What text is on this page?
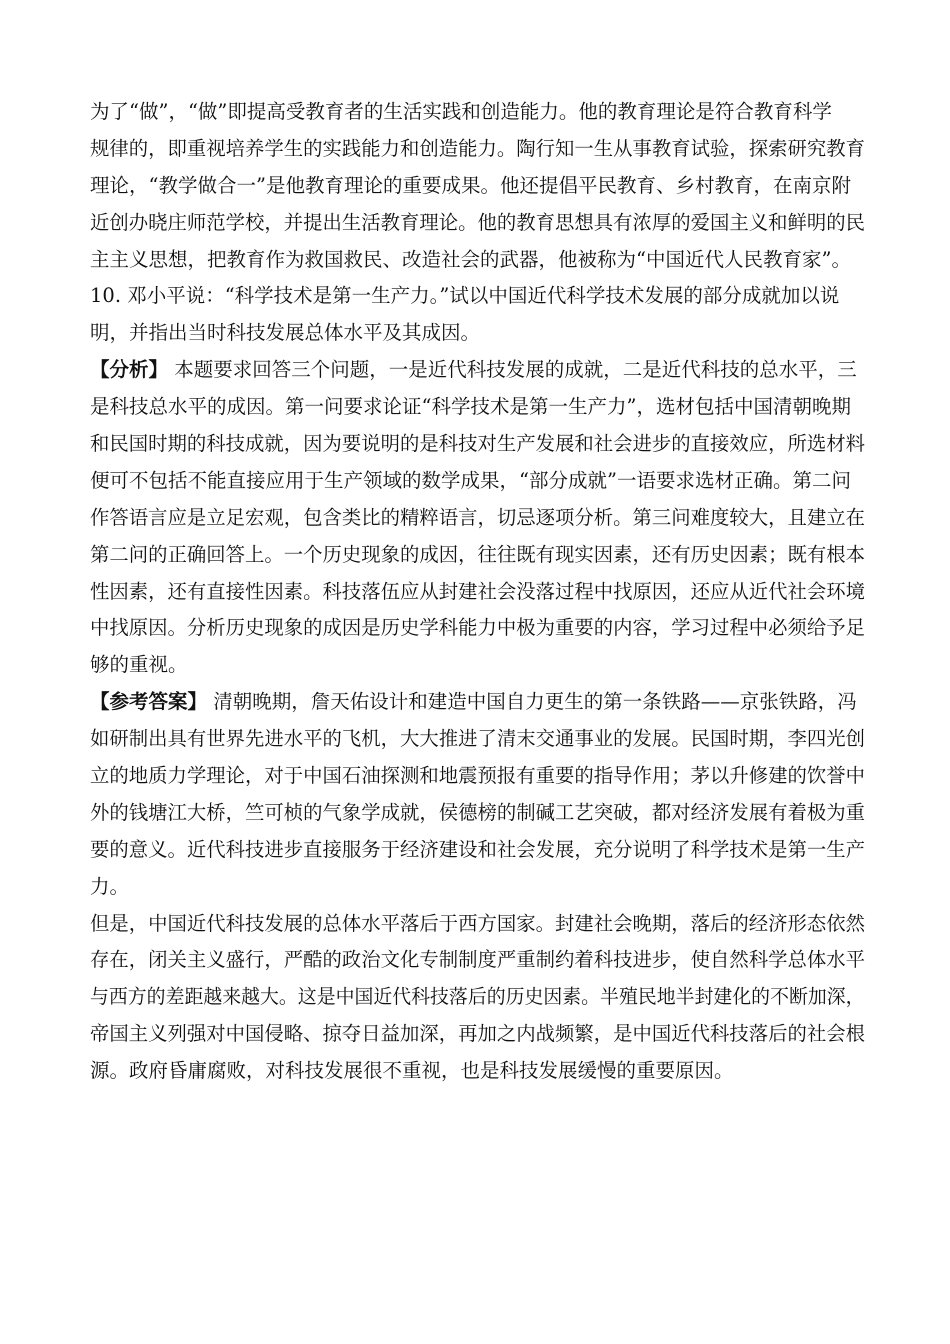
为了“做”，“做”即提高受教育者的生活实践和创造能力。他的教育理论是符合教育科学
规律的，即重视培养学生的实践能力和创造能力。陶行知一生从事教育试验，探索研究教育
理论，“教学做合一”是他教育理论的重要成果。他还提倡平民教育、乡村教育，在南京附
近创办晓庄师范学校，并提出生活教育理论。他的教育思想具有浓厚的爱国主义和鲜明的民
主主义思想，把教育作为救国救民、改造社会的武器，他被称为“中国近代人民教育家”。
10. 邓小平说：“科学技术是第一生产力。”试以中国近代科学技术发展的部分成就加以说
明，并指出当时科技发展总体水平及其成因。
【分析】 本题要求回答三个问题，一是近代科技发展的成就，二是近代科技的总水平，三
是科技总水平的成因。第一问要求论证“科学技术是第一生产力”，选材包括中国清朝晚期
和民国时期的科技成就，因为要说明的是科技对生产发展和社会进步的直接效应，所选材料
便可不包括不能直接应用于生产领域的数学成果，“部分成就”一语要求选材正确。第二问
作答语言应是立足宏观，包含类比的精粹语言，切忌逐项分析。第三问难度较大，且建立在
第二问的正确回答上。一个历史现象的成因，往往既有现实因素，还有历史因素；既有根本
性因素，还有直接性因素。科技落伍应从封建社会没落过程中找原因，还应从近代社会环境
中找原因。分析历史现象的成因是历史学科能力中极为重要的内容，学习过程中必须给予足
够的重视。
【参考答案】 清朝晚期，詹天佑设计和建造中国自力更生的第一条铁路——京张铁路，冯
如研制出具有世界先进水平的飞机，大大推进了清末交通事业的发展。民国时期，李四光创
立的地质力学理论，对于中国石油探测和地震预报有重要的指导作用；茅以升修建的饮誉中
外的钱塘江大桥，竺可桢的气象学成就，侯德榜的制碱工艺突破，都对经济发展有着极为重
要的意义。近代科技进步直接服务于经济建设和社会发展，充分说明了科学技术是第一生产
力。
但是，中国近代科技发展的总体水平落后于西方国家。封建社会晚期，落后的经济形态依然
存在，闭关主义盛行，严酷的政治文化专制制度严重制约着科技进步，使自然科学总体水平
与西方的差距越来越大。这是中国近代科技落后的历史因素。半殖民地半封建化的不断加深，
帝国主义列强对中国侵略、掠夺日益加深，再加之内战频繁，是中国近代科技落后的社会根
源。政府昏庸腐败，对科技发展很不重视，也是科技发展缓慢的重要原因。
